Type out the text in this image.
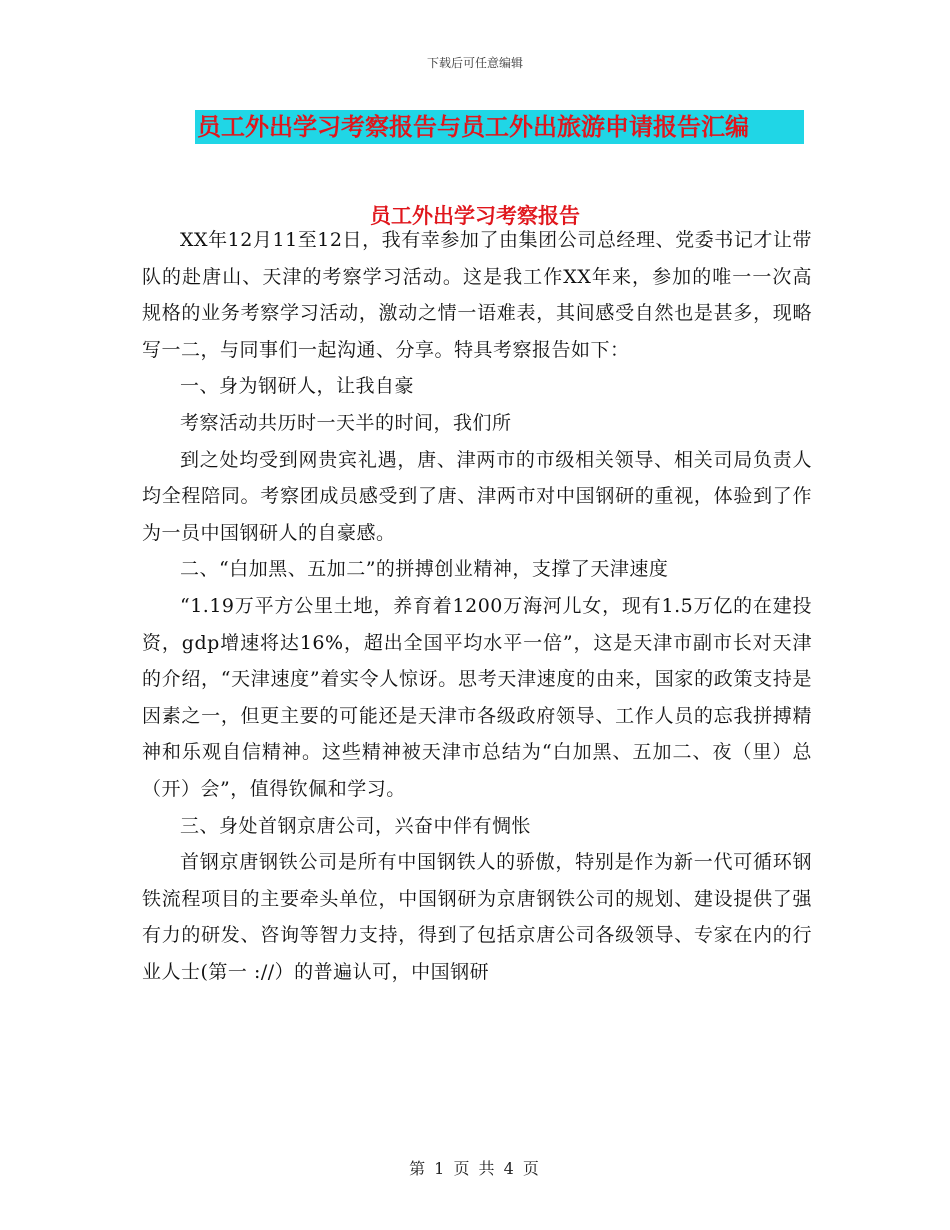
下载后可任意编辑
员工外出学习考察报告与员工外出旅游申请报告汇编
员工外出学习考察报告

XX年12月11至12日，我有幸参加了由集团公司总经理、党委书记才让带队的赴唐山、天津的考察学习活动。这是我工作XX年来，参加的唯一一次高规格的业务考察学习活动，激动之情一语难表，其间感受自然也是甚多，现略写一二，与同事们一起沟通、分享。特具考察报告如下：

一、身为钢研人，让我自豪

考察活动共历时一天半的时间，我们所

到之处均受到网贵宾礼遇，唐、津两市的市级相关领导、相关司局负责人均全程陪同。考察团成员感受到了唐、津两市对中国钢研的重视，体验到了作为一员中国钢研人的自豪感。

二、“白加黑、五加二”的拼搏创业精神，支撑了天津速度

“1.19万平方公里土地，养育着1200万海河儿女，现有1.5万亿的在建投资，gdp增速将达16%，超出全国平均水平一倍”，这是天津市副市长对天津的介绍，“天津速度”着实令人惊讶。思考天津速度的由来，国家的政策支持是因素之一，但更主要的可能还是天津市各级政府领导、工作人员的忘我拼搏精神和乐观自信精神。这些精神被天津市总结为“白加黑、五加二、夜（里）总（开）会”，值得钦佩和学习。

三、身处首钢京唐公司，兴奋中伴有惆怅

首钢京唐钢铁公司是所有中国钢铁人的骄傲，特别是作为新一代可循环钢铁流程项目的主要牵头单位，中国钢研为京唐钢铁公司的规划、建设提供了强有力的研发、咨询等智力支持，得到了包括京唐公司各级领导、专家在内的行业人士(第一 ://）的普遍认可，中国钢研

第 1 页 共 4 页
